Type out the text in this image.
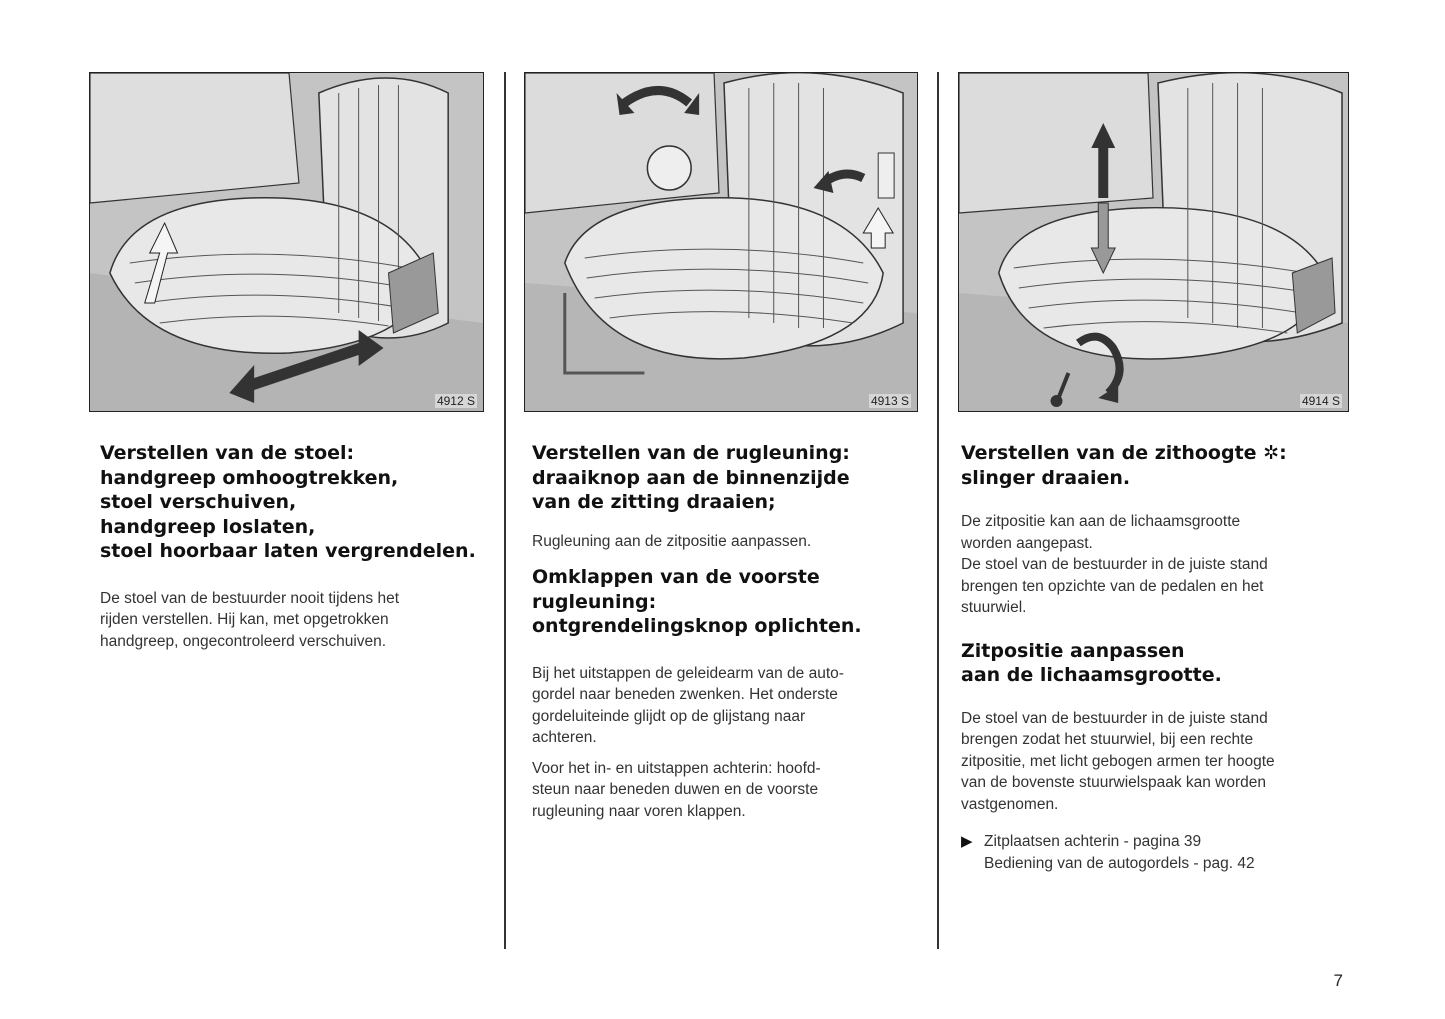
4912 S
Verstellen van de stoel:
handgreep omhoogtrekken,
stoel verschuiven,
handgreep loslaten,
stoel hoorbaar laten vergrendelen.

De stoel van de bestuurder nooit tijdens het
rijden verstellen. Hij kan, met opgetrokken
handgreep, ongecontroleerd verschuiven.

4913 S
Verstellen van de rugleuning:
draaiknop aan de binnenzijde
van de zitting draaien;

Rugleuning aan de zitpositie aanpassen.

Omklappen van de voorste
rugleuning:
ontgrendelingsknop oplichten.

Bij het uitstappen de geleidearm van de auto-
gordel naar beneden zwenken. Het onderste
gordeluiteinde glijdt op de glijstang naar
achteren.

Voor het in- en uitstappen achterin: hoofd-
steun naar beneden duwen en de voorste
rugleuning naar voren klappen.

4914 S
Verstellen van de zithoogte ✲:
slinger draaien.

De zitpositie kan aan de lichaamsgrootte
worden aangepast.
De stoel van de bestuurder in de juiste stand
brengen ten opzichte van de pedalen en het
stuurwiel.

Zitpositie aanpassen
aan de lichaamsgrootte.

De stoel van de bestuurder in de juiste stand
brengen zodat het stuurwiel, bij een rechte
zitpositie, met licht gebogen armen ter hoogte
van de bovenste stuurwielspaak kan worden
vastgenomen.

▶ Zitplaatsen achterin - pagina 39
Bediening van de autogordels - pag. 42
7
